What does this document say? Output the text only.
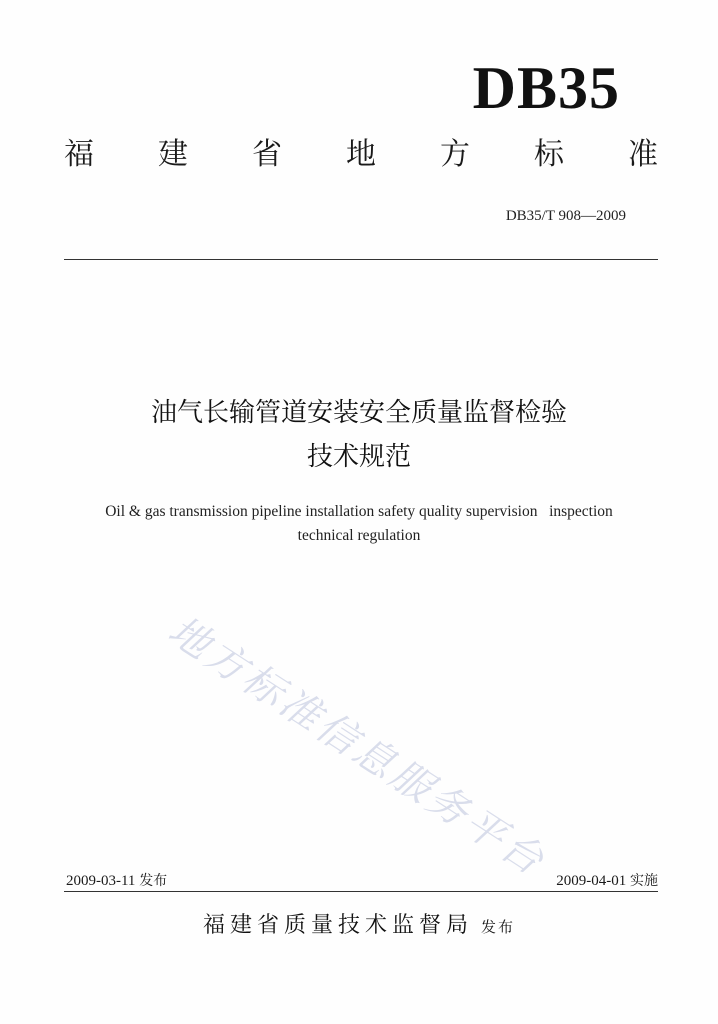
DB35
福 建 省 地 方 标 准
DB35/T 908—2009
油气长输管道安装安全质量监督检验
技术规范
Oil & gas transmission pipeline installation safety quality supervision   inspection
technical regulation
地方标准信息服务平台
2009-03-11 发布	2009-04-01 实施
福建省质量技术监督局 发布
